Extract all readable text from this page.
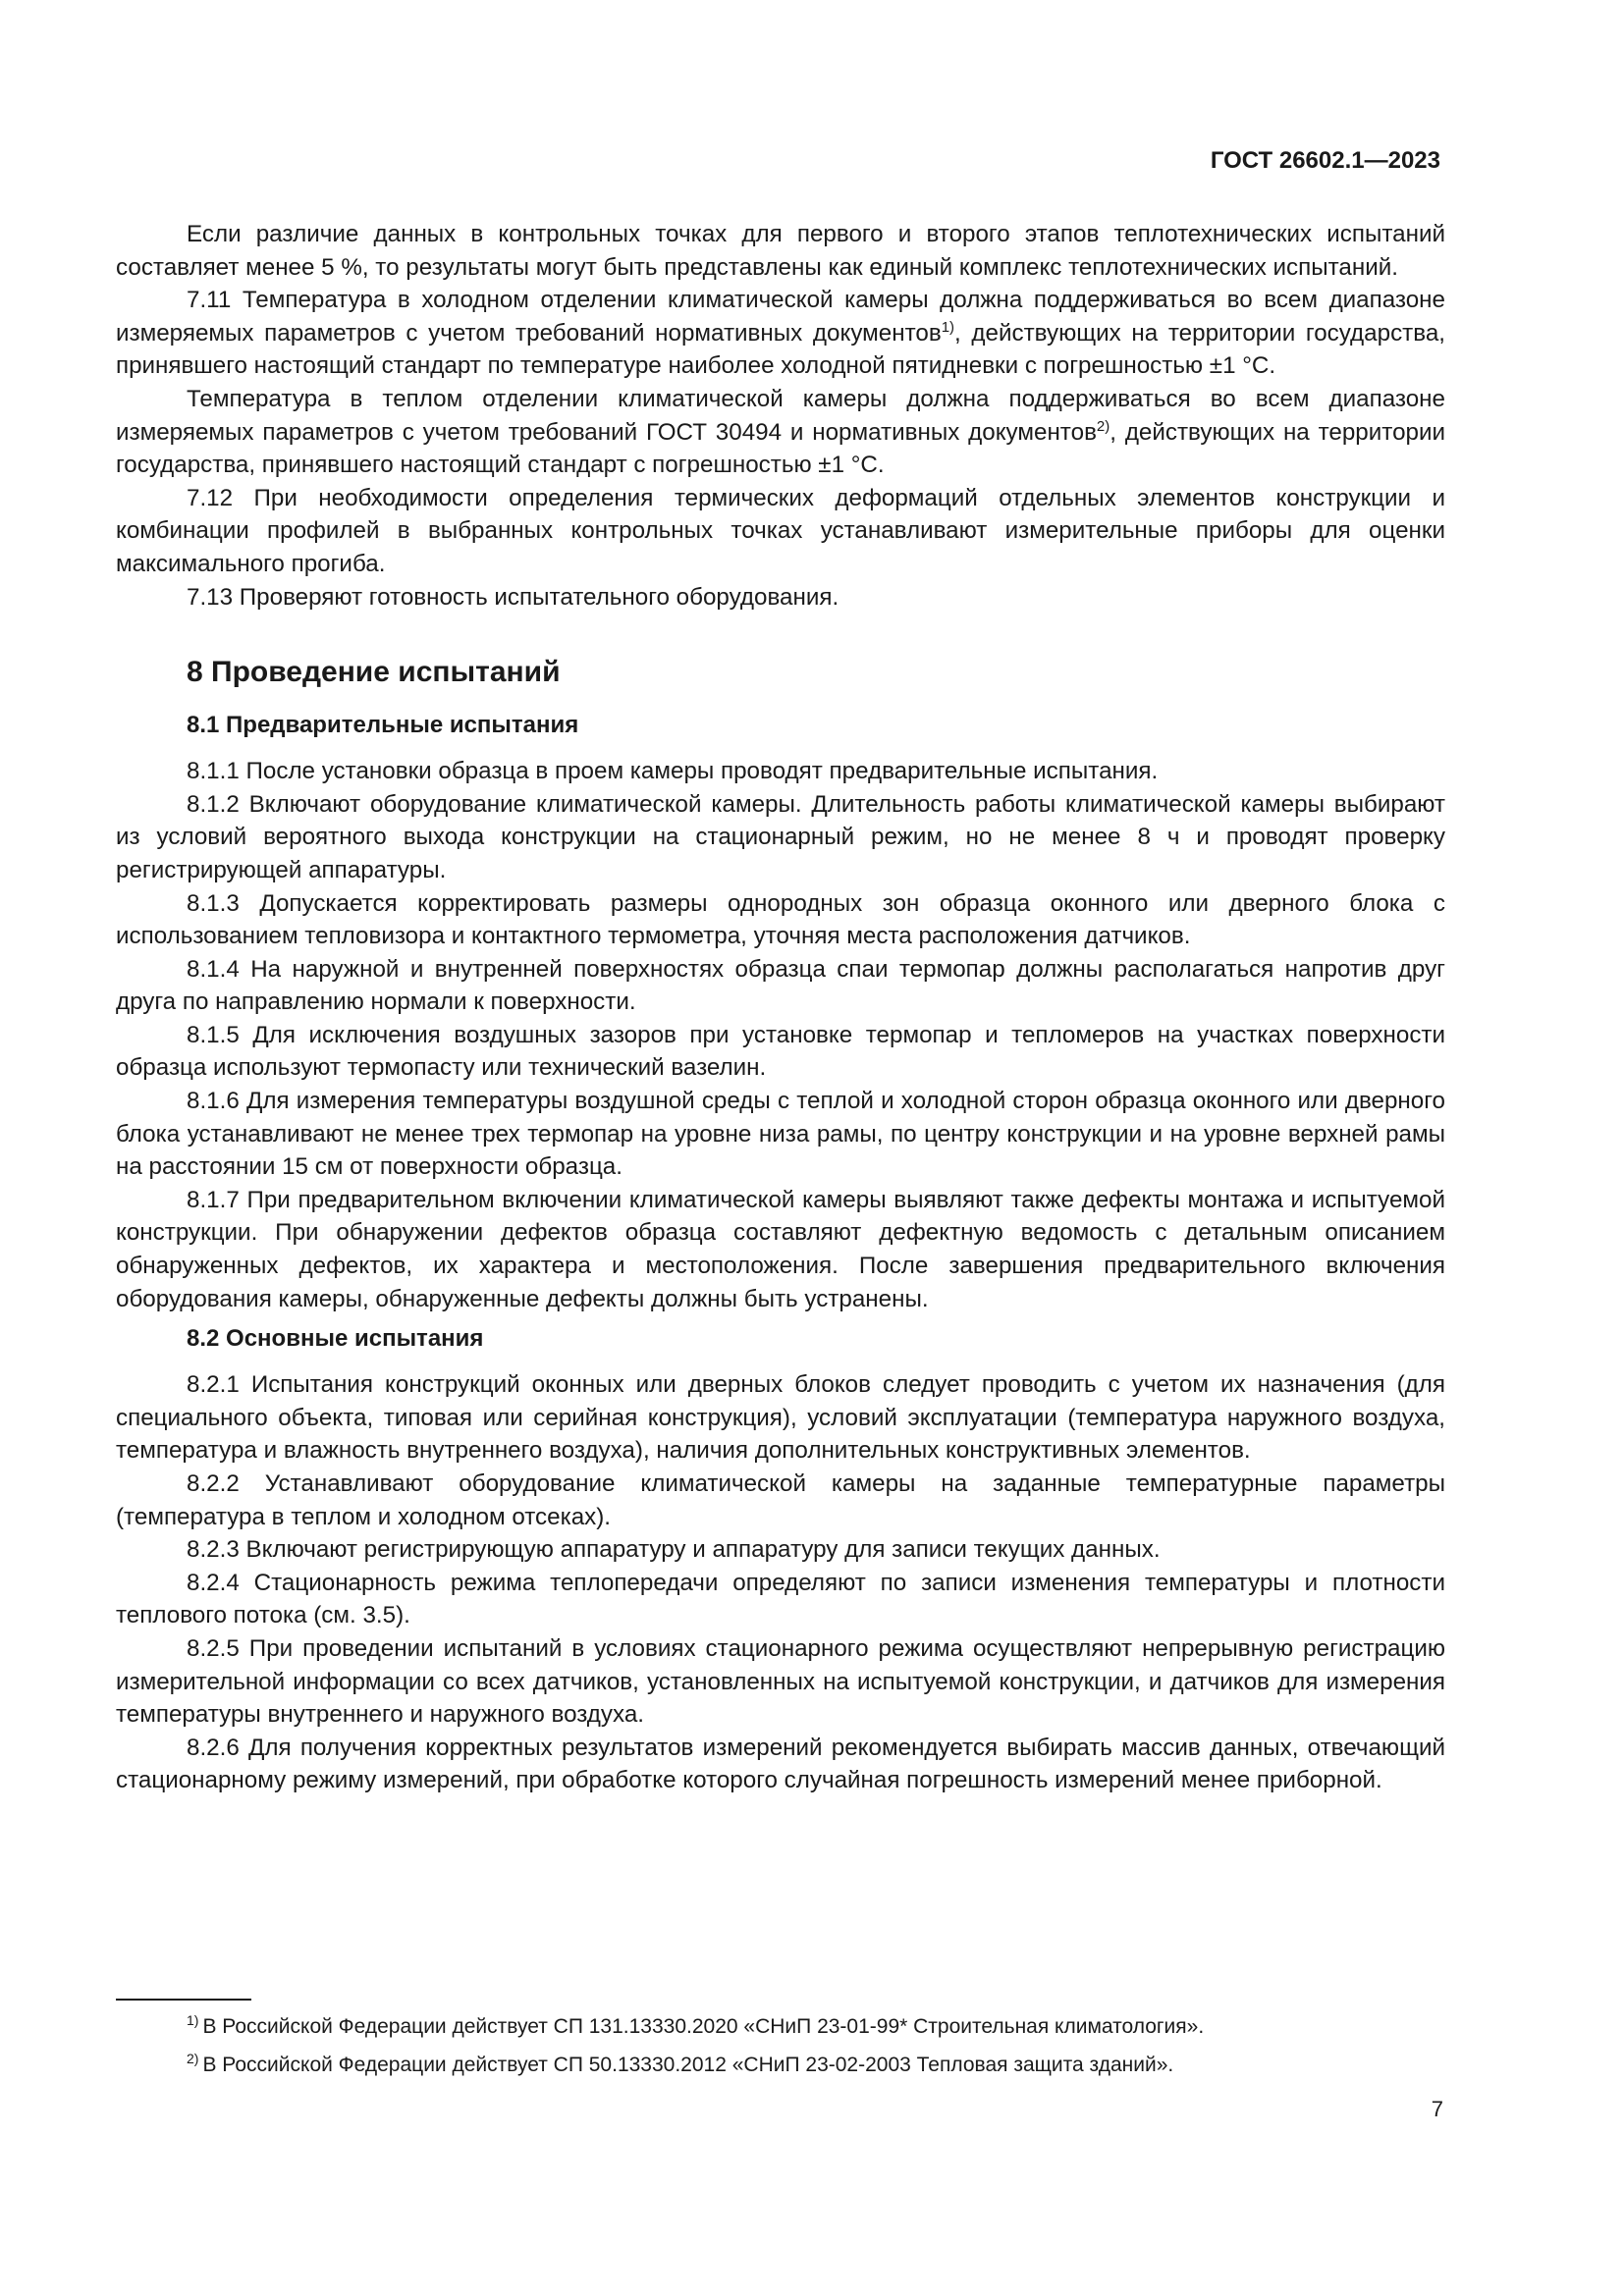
ГОСТ 26602.1—2023

Если различие данных в контрольных точках для первого и второго этапов теплотехнических испытаний составляет менее 5 %, то результаты могут быть представлены как единый комплекс теплотехнических испытаний.

7.11 Температура в холодном отделении климатической камеры должна поддерживаться во всем диапазоне измеряемых параметров с учетом требований нормативных документов$^{1)}$, действующих на территории государства, принявшего настоящий стандарт по температуре наиболее холодной пятидневки с погрешностью ±1 °C.

Температура в теплом отделении климатической камеры должна поддерживаться во всем диапазоне измеряемых параметров с учетом требований ГОСТ 30494 и нормативных документов$^{2)}$, действующих на территории государства, принявшего настоящий стандарт с погрешностью ±1 °C.

7.12 При необходимости определения термических деформаций отдельных элементов конструкции и комбинации профилей в выбранных контрольных точках устанавливают измерительные приборы для оценки максимального прогиба.

7.13 Проверяют готовность испытательного оборудования.

8 Проведение испытаний
8.1 Предварительные испытания

8.1.1 После установки образца в проем камеры проводят предварительные испытания.

8.1.2 Включают оборудование климатической камеры. Длительность работы климатической камеры выбирают из условий вероятного выхода конструкции на стационарный режим, но не менее 8 ч и проводят проверку регистрирующей аппаратуры.

8.1.3 Допускается корректировать размеры однородных зон образца оконного или дверного блока с использованием тепловизора и контактного термометра, уточняя места расположения датчиков.

8.1.4 На наружной и внутренней поверхностях образца спаи термопар должны располагаться напротив друг друга по направлению нормали к поверхности.

8.1.5 Для исключения воздушных зазоров при установке термопар и тепломеров на участках поверхности образца используют термопасту или технический вазелин.

8.1.6 Для измерения температуры воздушной среды с теплой и холодной сторон образца оконного или дверного блока устанавливают не менее трех термопар на уровне низа рамы, по центру конструкции и на уровне верхней рамы на расстоянии 15 см от поверхности образца.

8.1.7 При предварительном включении климатической камеры выявляют также дефекты монтажа и испытуемой конструкции. При обнаружении дефектов образца составляют дефектную ведомость с детальным описанием обнаруженных дефектов, их характера и местоположения. После завершения предварительного включения оборудования камеры, обнаруженные дефекты должны быть устранены.

8.2 Основные испытания

8.2.1 Испытания конструкций оконных или дверных блоков следует проводить с учетом их назначения (для специального объекта, типовая или серийная конструкция), условий эксплуатации (температура наружного воздуха, температура и влажность внутреннего воздуха), наличия дополнительных конструктивных элементов.

8.2.2 Устанавливают оборудование климатической камеры на заданные температурные параметры (температура в теплом и холодном отсеках).

8.2.3 Включают регистрирующую аппаратуру и аппаратуру для записи текущих данных.

8.2.4 Стационарность режима теплопередачи определяют по записи изменения температуры и плотности теплового потока (см. 3.5).

8.2.5 При проведении испытаний в условиях стационарного режима осуществляют непрерывную регистрацию измерительной информации со всех датчиков, установленных на испытуемой конструкции, и датчиков для измерения температуры внутреннего и наружного воздуха.

8.2.6 Для получения корректных результатов измерений рекомендуется выбирать массив данных, отвечающий стационарному режиму измерений, при обработке которого случайная погрешность измерений менее приборной.

$^{1)}$ В Российской Федерации действует СП 131.13330.2020 «СНиП 23-01-99* Строительная климатология».

$^{2)}$ В Российской Федерации действует СП 50.13330.2012 «СНиП 23-02-2003 Тепловая защита зданий».

7
